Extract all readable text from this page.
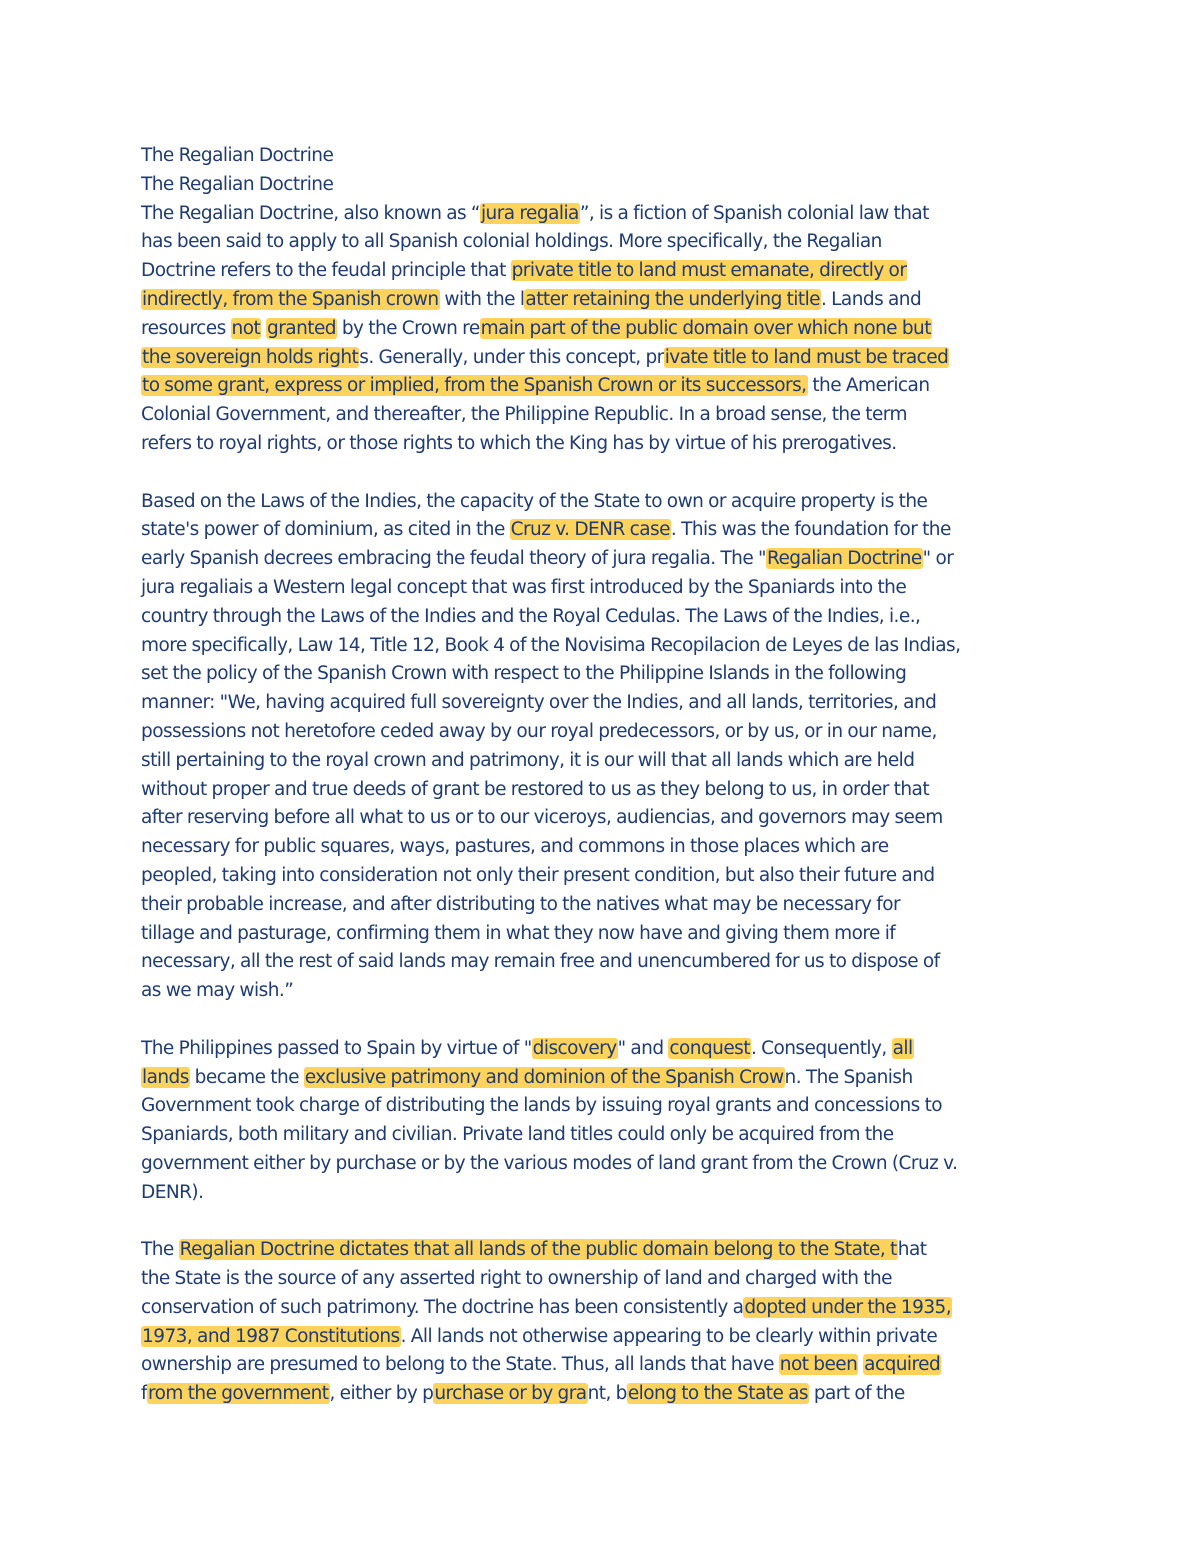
The Regalian Doctrine
The Regalian Doctrine
The Regalian Doctrine, also known as “jura regalia”, is a fiction of Spanish colonial law that
has been said to apply to all Spanish colonial holdings. More specifically, the Regalian
Doctrine refers to the feudal principle that private title to land must emanate, directly or
indirectly, from the Spanish crown with the latter retaining the underlying title. Lands and
resources not granted by the Crown remain part of the public domain over which none but
the sovereign holds rights. Generally, under this concept, private title to land must be traced
to some grant, express or implied, from the Spanish Crown or its successors, the American
Colonial Government, and thereafter, the Philippine Republic. In a broad sense, the term
refers to royal rights, or those rights to which the King has by virtue of his prerogatives.
Based on the Laws of the Indies, the capacity of the State to own or acquire property is the
state's power of dominium, as cited in the Cruz v. DENR case. This was the foundation for the
early Spanish decrees embracing the feudal theory of jura regalia. The "Regalian Doctrine" or
jura regaliais a Western legal concept that was first introduced by the Spaniards into the
country through the Laws of the Indies and the Royal Cedulas. The Laws of the Indies, i.e.,
more specifically, Law 14, Title 12, Book 4 of the Novisima Recopilacion de Leyes de las Indias,
set the policy of the Spanish Crown with respect to the Philippine Islands in the following
manner: "We, having acquired full sovereignty over the Indies, and all lands, territories, and
possessions not heretofore ceded away by our royal predecessors, or by us, or in our name,
still pertaining to the royal crown and patrimony, it is our will that all lands which are held
without proper and true deeds of grant be restored to us as they belong to us, in order that
after reserving before all what to us or to our viceroys, audiencias, and governors may seem
necessary for public squares, ways, pastures, and commons in those places which are
peopled, taking into consideration not only their present condition, but also their future and
their probable increase, and after distributing to the natives what may be necessary for
tillage and pasturage, confirming them in what they now have and giving them more if
necessary, all the rest of said lands may remain free and unencumbered for us to dispose of
as we may wish.”
The Philippines passed to Spain by virtue of "discovery" and conquest. Consequently, all
lands became the exclusive patrimony and dominion of the Spanish Crown. The Spanish
Government took charge of distributing the lands by issuing royal grants and concessions to
Spaniards, both military and civilian. Private land titles could only be acquired from the
government either by purchase or by the various modes of land grant from the Crown (Cruz v.
DENR).
The Regalian Doctrine dictates that all lands of the public domain belong to the State, that
the State is the source of any asserted right to ownership of land and charged with the
conservation of such patrimony. The doctrine has been consistently adopted under the 1935,
1973, and 1987 Constitutions. All lands not otherwise appearing to be clearly within private
ownership are presumed to belong to the State. Thus, all lands that have not been acquired
from the government, either by purchase or by grant, belong to the State as part of the
